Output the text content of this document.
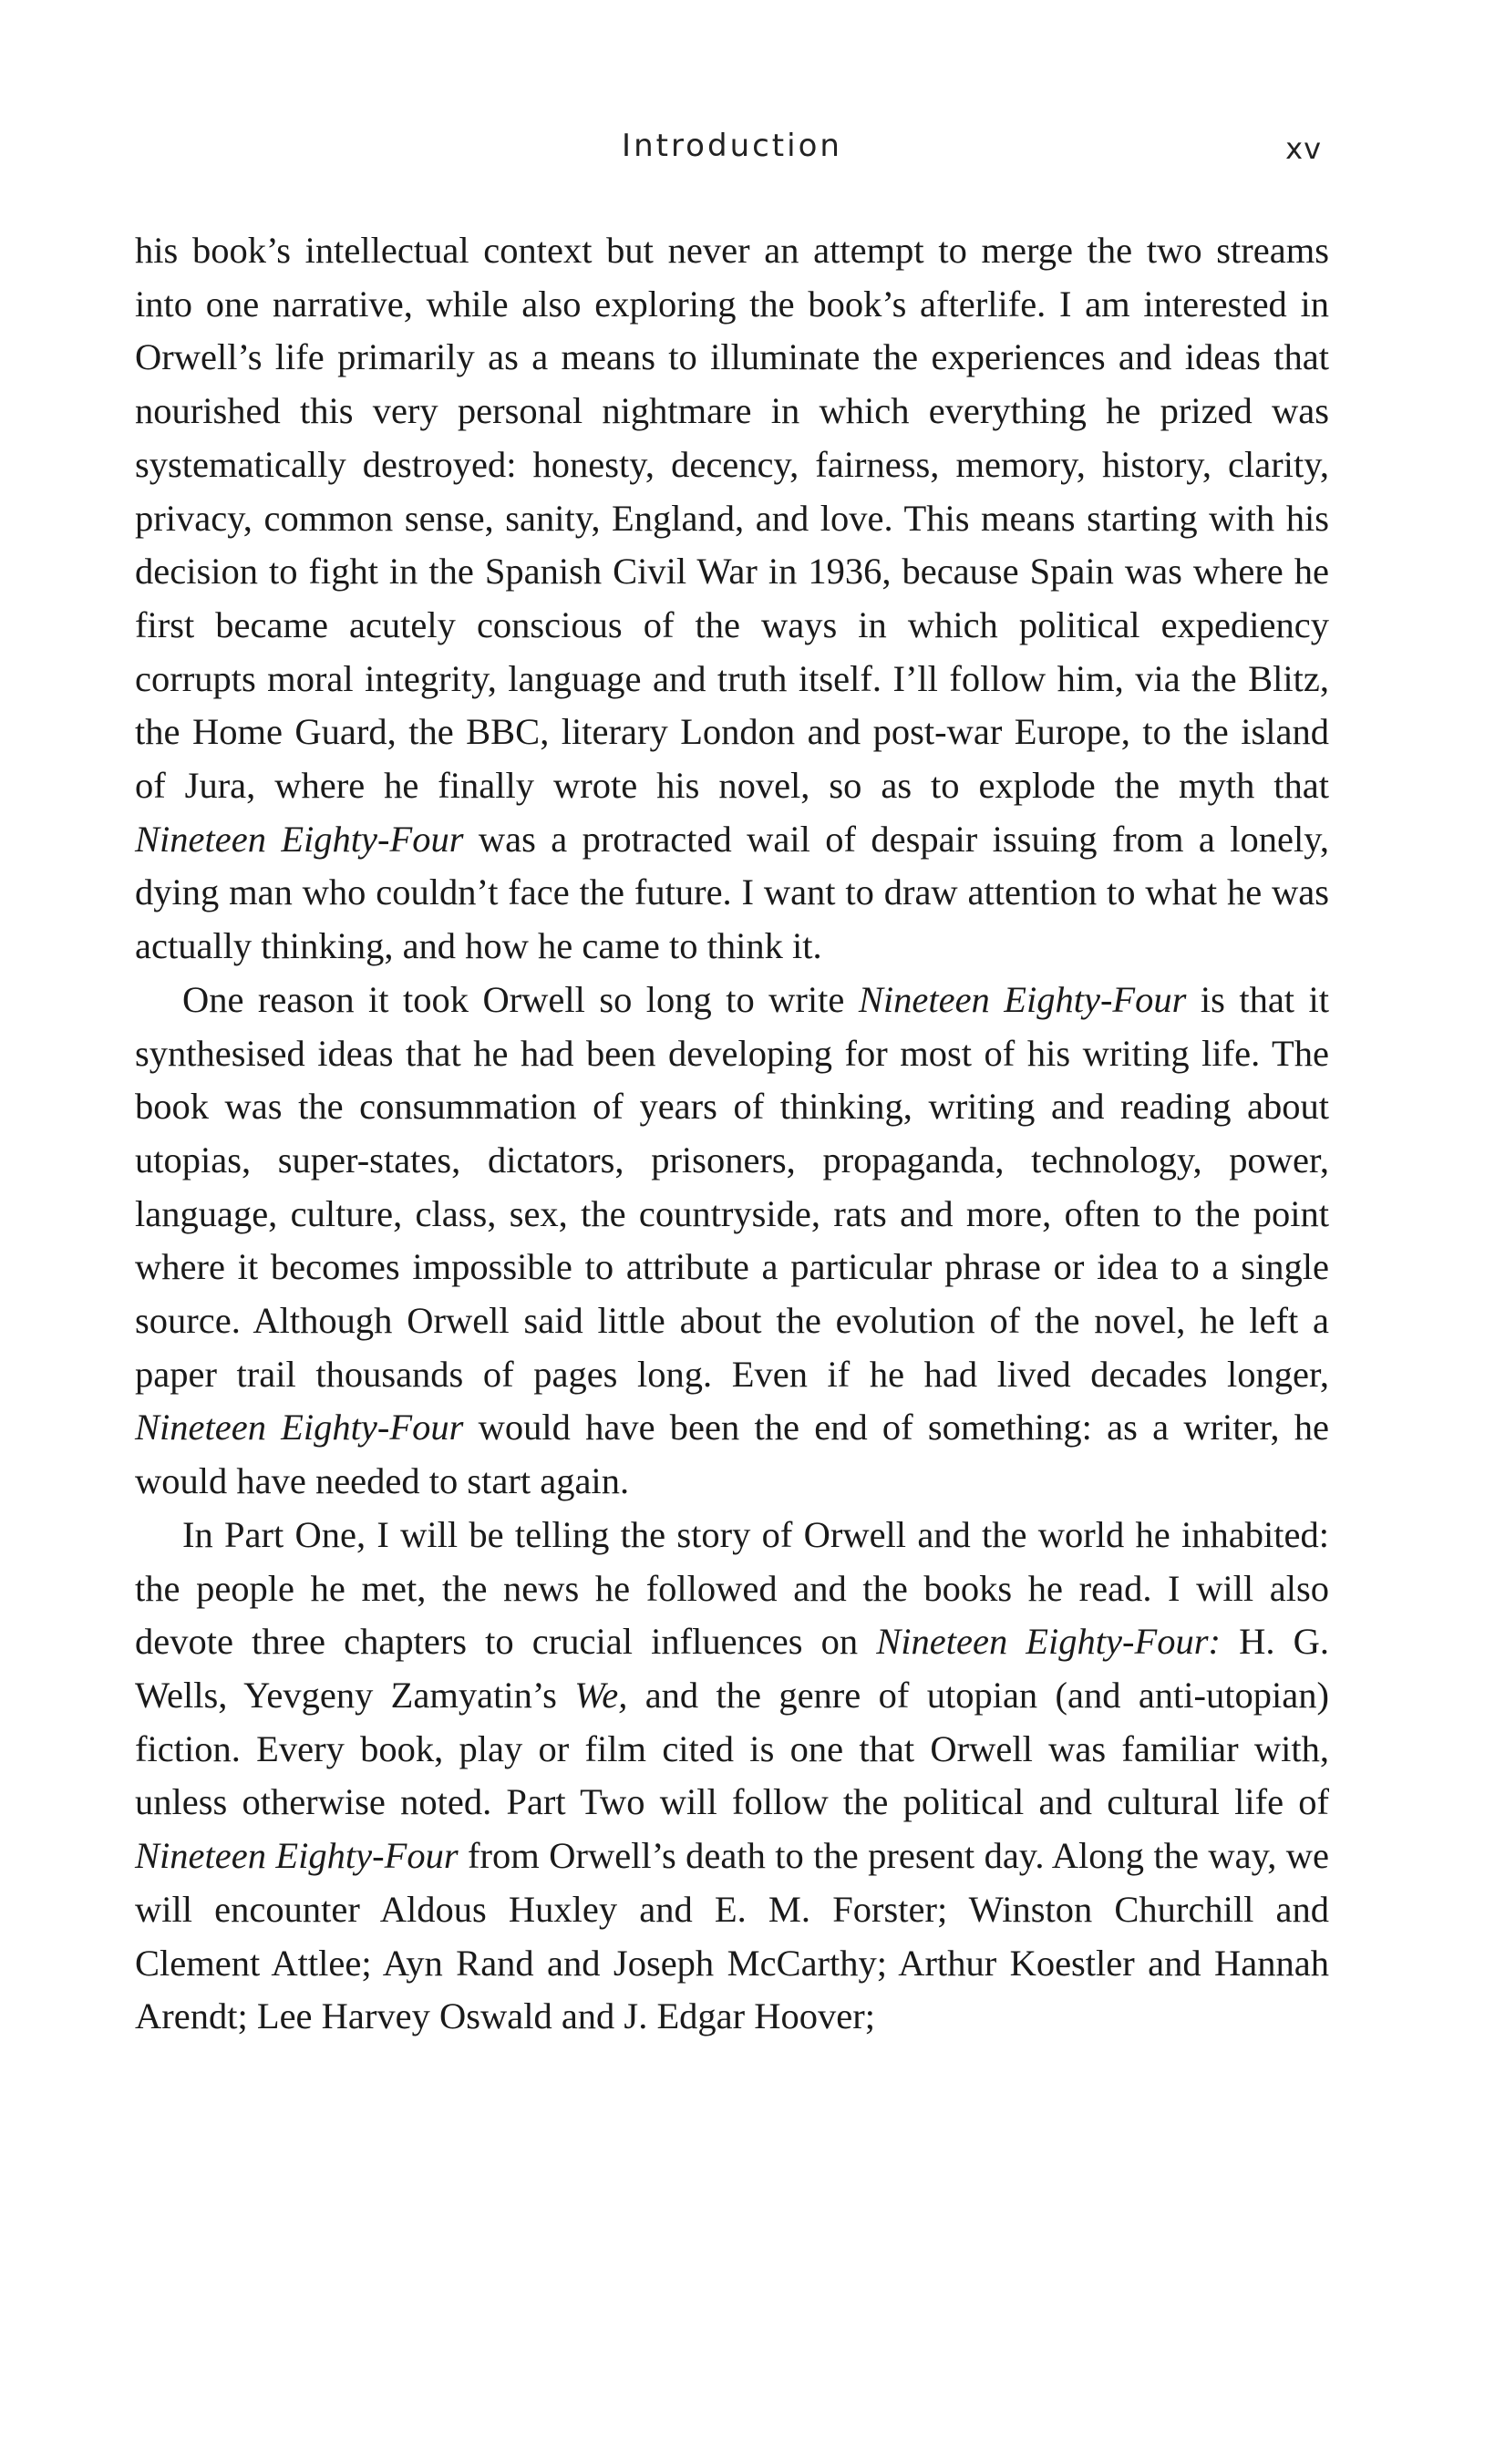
Introduction	xv

his book’s intellectual context but never an attempt to merge the two streams into one narrative, while also exploring the book’s afterlife. I am interested in Orwell’s life primarily as a means to illuminate the experiences and ideas that nourished this very personal nightmare in which everything he prized was systematically destroyed: honesty, decency, fairness, memory, history, clarity, privacy, common sense, sanity, England, and love. This means starting with his decision to fight in the Spanish Civil War in 1936, because Spain was where he first became acutely conscious of the ways in which political expediency corrupts moral integrity, language and truth itself. I’ll follow him, via the Blitz, the Home Guard, the BBC, literary London and post-war Europe, to the island of Jura, where he finally wrote his novel, so as to explode the myth that Nineteen Eighty-Four was a protracted wail of despair issuing from a lonely, dying man who couldn’t face the future. I want to draw attention to what he was actually thinking, and how he came to think it.

One reason it took Orwell so long to write Nineteen Eighty-Four is that it synthesised ideas that he had been developing for most of his writing life. The book was the consummation of years of thinking, writing and reading about utopias, super-states, dictators, prisoners, propaganda, technology, power, language, culture, class, sex, the countryside, rats and more, often to the point where it becomes impossible to attribute a particular phrase or idea to a single source. Although Orwell said little about the evolution of the novel, he left a paper trail thousands of pages long. Even if he had lived decades longer, Nineteen Eighty-Four would have been the end of something: as a writer, he would have needed to start again.

In Part One, I will be telling the story of Orwell and the world he inhabited: the people he met, the news he followed and the books he read. I will also devote three chapters to crucial influences on Nineteen Eighty-Four: H. G. Wells, Yevgeny Zamyatin’s We, and the genre of utopian (and anti-utopian) fiction. Every book, play or film cited is one that Orwell was familiar with, unless otherwise noted. Part Two will follow the political and cultural life of Nineteen Eighty-Four from Orwell’s death to the present day. Along the way, we will encounter Aldous Huxley and E. M. Forster; Winston Churchill and Clement Attlee; Ayn Rand and Joseph McCarthy; Arthur Koestler and Hannah Arendt; Lee Harvey Oswald and J. Edgar Hoover;
